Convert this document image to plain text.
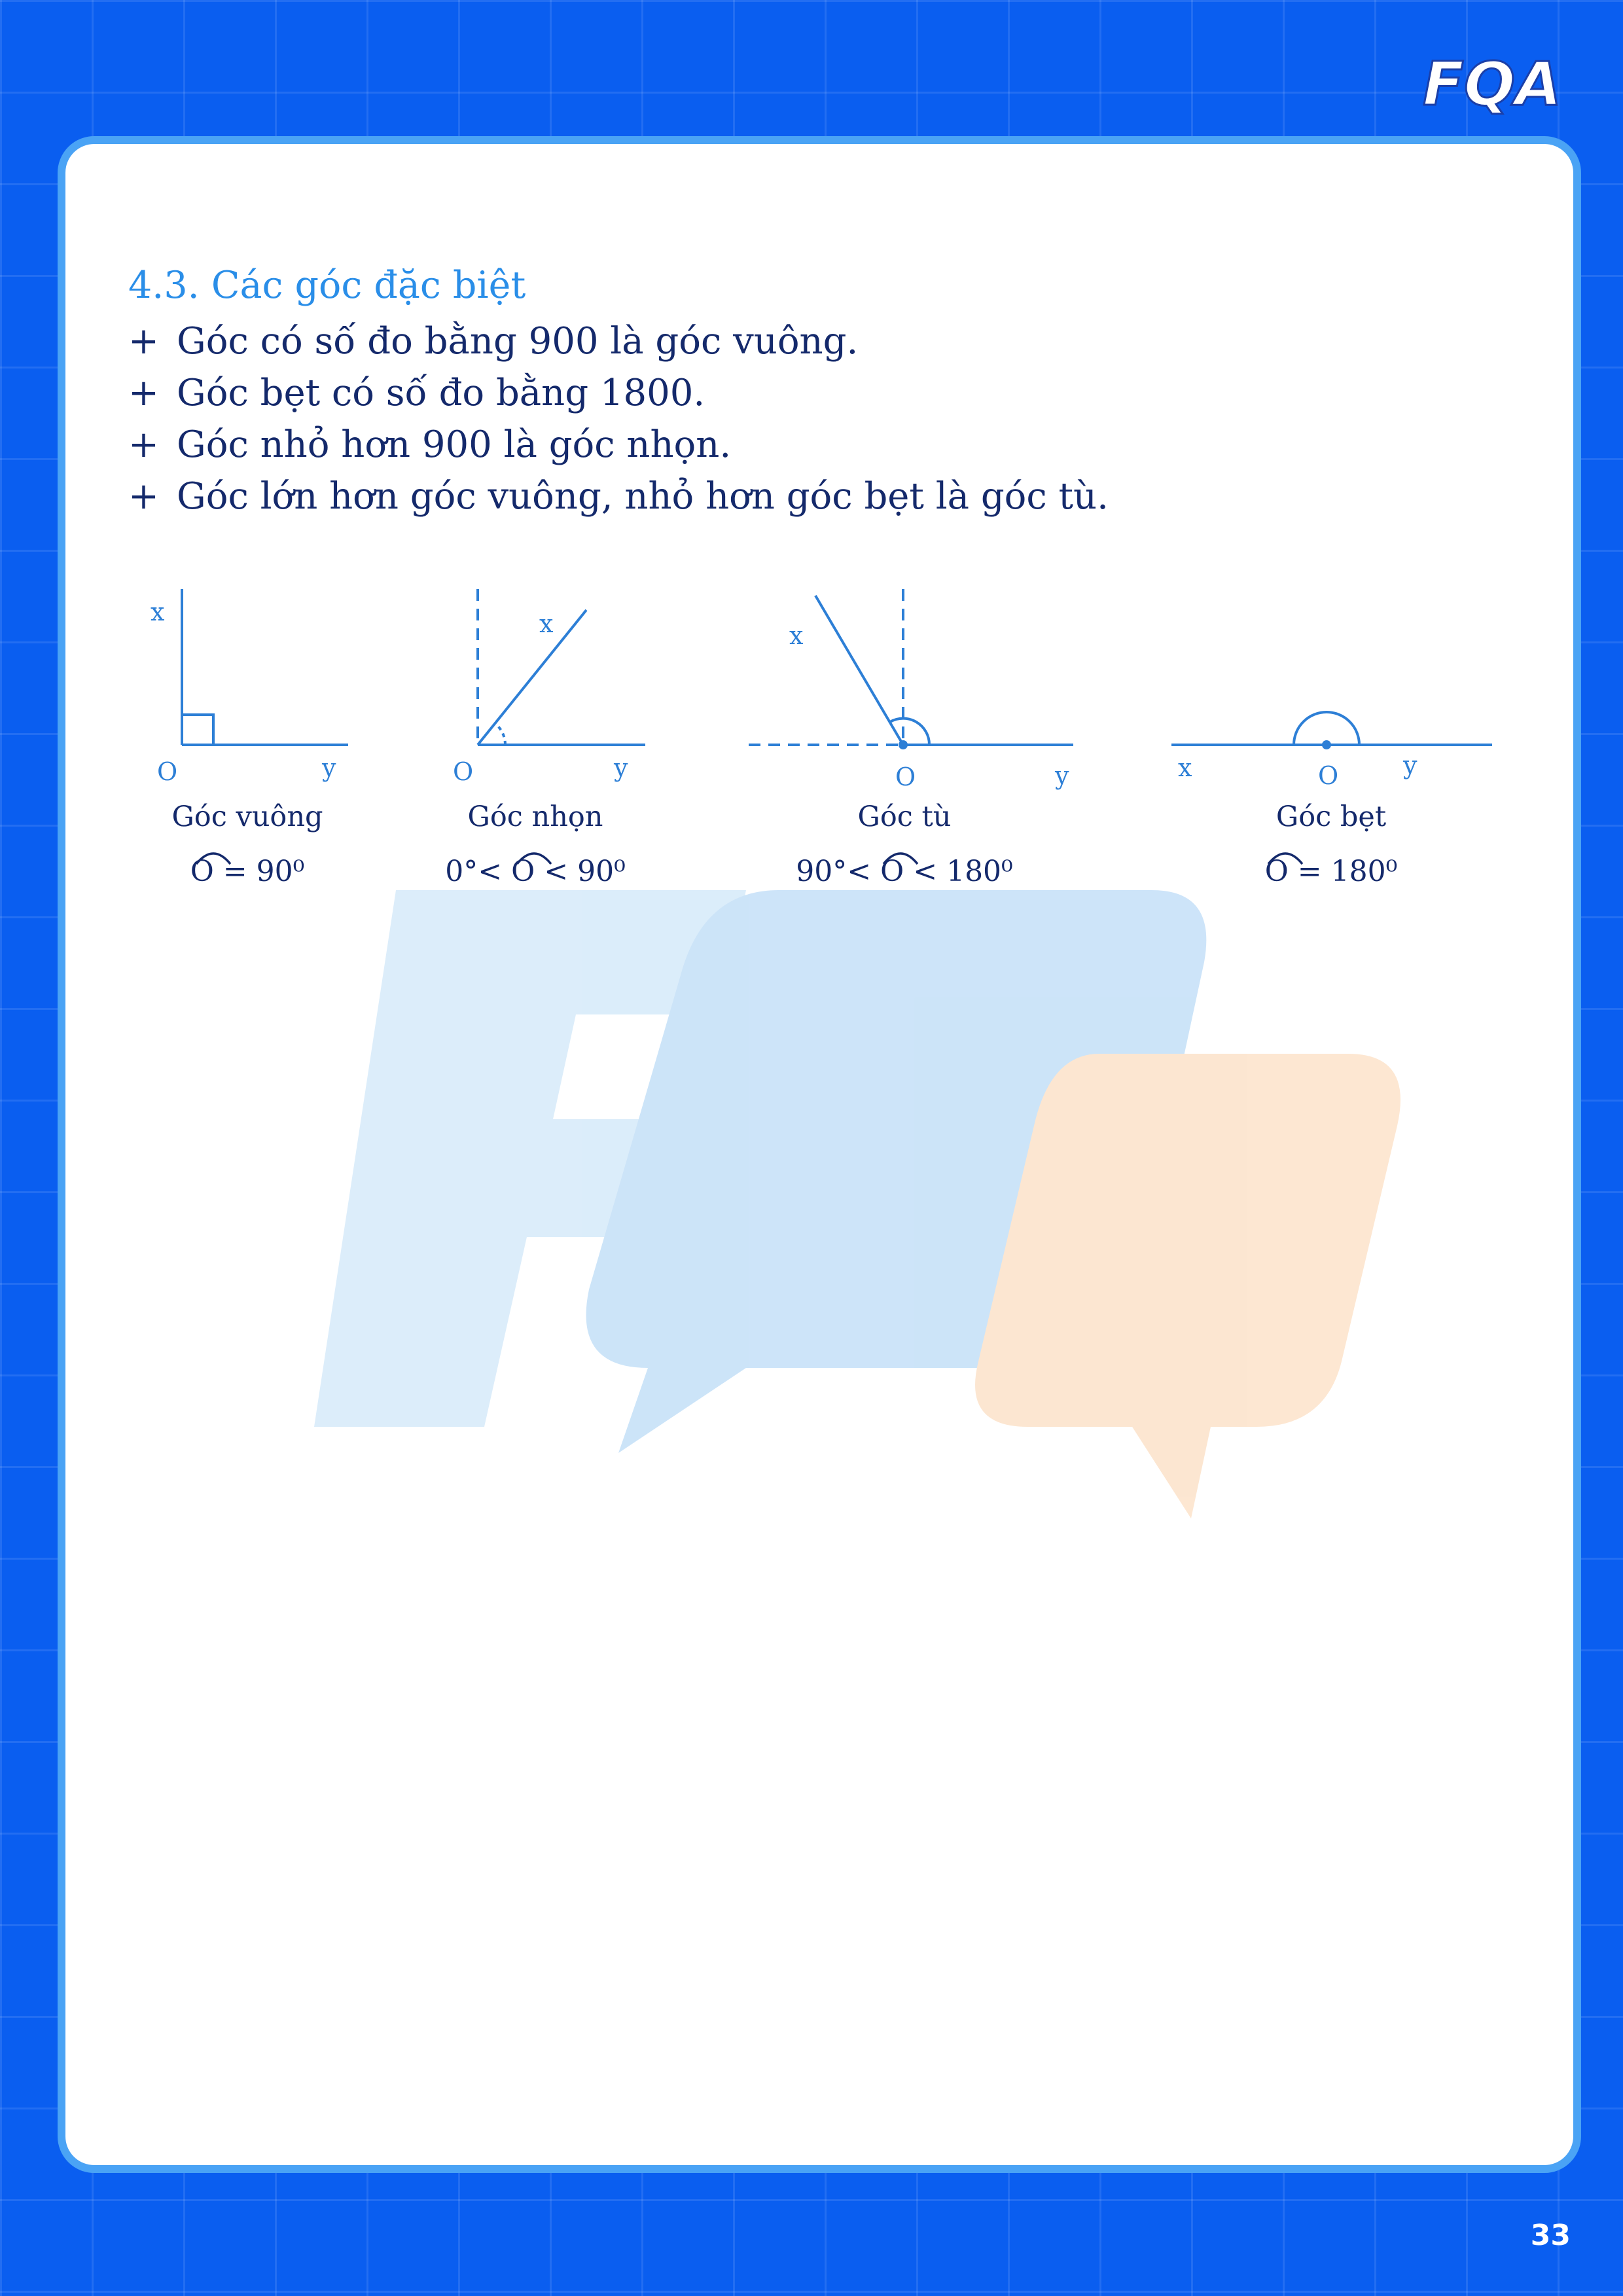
FQA
FQA
4.3. Các góc đặc biệt
+ Góc có số đo bằng 900 là góc vuông.
+ Góc bẹt có số đo bằng 1800.
+ Góc nhỏ hơn 900 là góc nhọn.
+ Góc lớn hơn góc vuông, nhỏ hơn góc bẹt là góc tù.
x
O	y
x
O	y
x
O	y	x	O	y
Góc vuông	Góc nhọn	Góc tù	Góc bẹt
O = 90⁰	0°< O < 90⁰	90°< O < 180⁰	O = 180⁰
33
